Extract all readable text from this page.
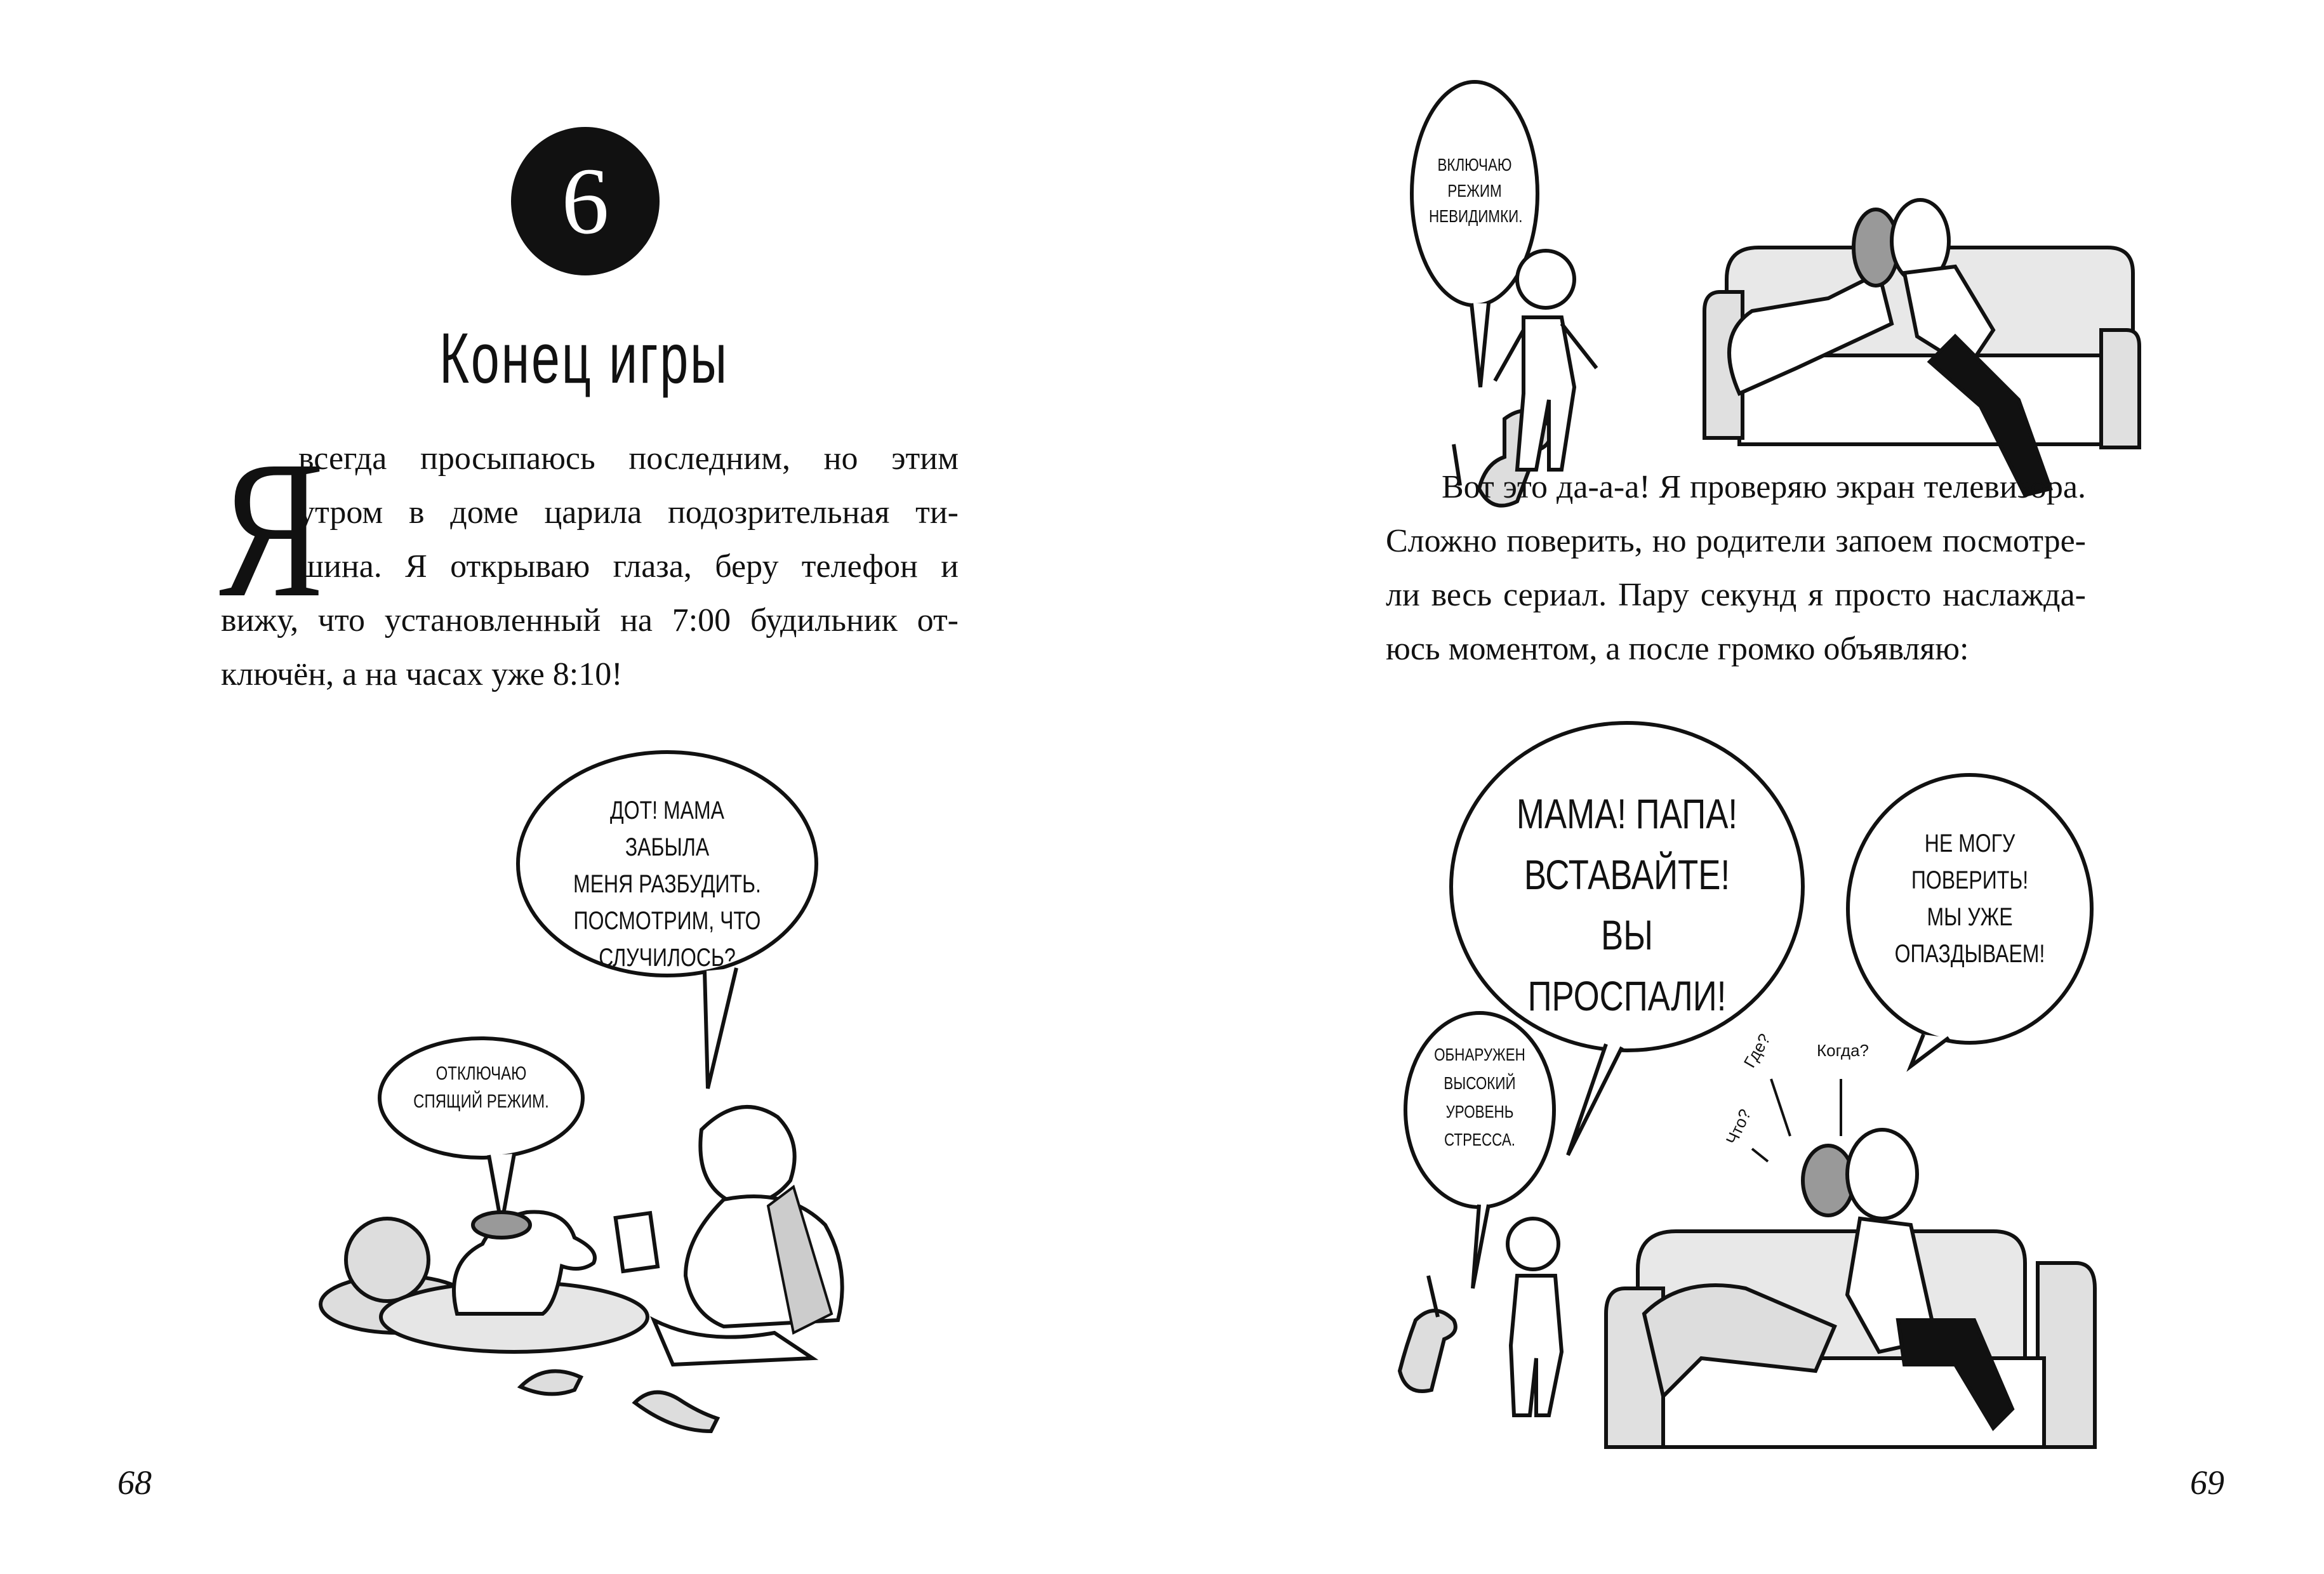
6
Конец игры
Я
всегда просыпаюсь последним, но этим
утром в доме царила подозрительная ти-
шина. Я открываю глаза, беру телефон и
вижу, что установленный на 7:00 будильник от-
ключён, а на часах уже 8:10!
ДОТ! МАМА ЗАБЫЛА
МЕНЯ РАЗБУДИТЬ.
ПОСМОТРИМ, ЧТО
СЛУЧИЛОСЬ?
ОТКЛЮЧАЮ
СПЯЩИЙ РЕЖИМ.
68
ВКЛЮЧАЮ
РЕЖИМ
НЕВИДИМКИ.
Вот это да-а-а! Я проверяю экран телевизора.
Сложно поверить, но родители запоем посмотре-
ли весь сериал. Пару секунд я просто наслажда-
юсь моментом, а после громко объявляю:
МАМА! ПАПА!
ВСТАВАЙТЕ!
ВЫ ПРОСПАЛИ!
НЕ МОГУ
ПОВЕРИТЬ!
МЫ УЖЕ
ОПАЗДЫВАЕМ!
ОБНАРУЖЕН
ВЫСОКИЙ
УРОВЕНЬ
СТРЕССА.
Где?	Когда?
Что?
69
